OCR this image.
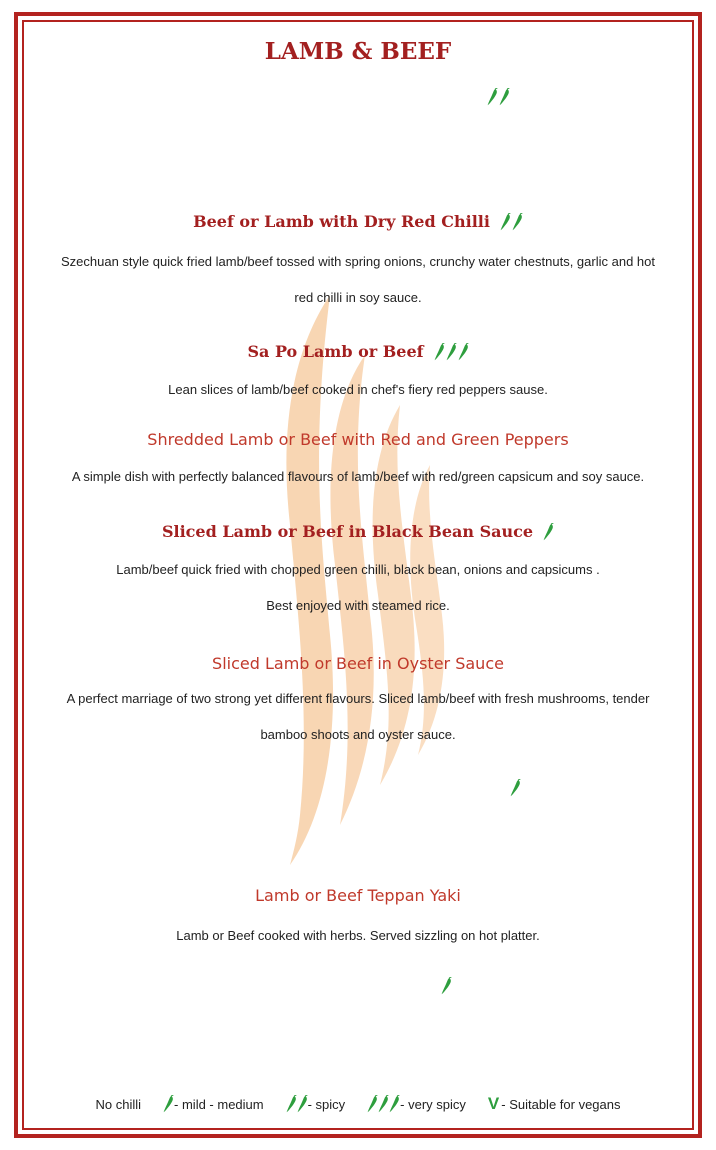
LAMB & BEEF
Beef or Lamb with Dry Red Chilli
Szechuan style quick fried lamb/beef tossed with spring onions, crunchy water chestnuts, garlic and hot red chilli in soy sauce.
Sa Po Lamb or Beef
Lean slices of lamb/beef cooked in chef's fiery red peppers sause.
Shredded Lamb or Beef with Red and Green Peppers
A simple dish with perfectly balanced flavours of lamb/beef with red/green capsicum and soy sauce.
Sliced Lamb or Beef in Black Bean Sauce
Lamb/beef quick fried with chopped green chilli, black bean, onions and capsicums .
Best enjoyed with steamed rice.
Sliced Lamb or Beef in Oyster Sauce
A perfect marriage of two strong yet different flavours. Sliced lamb/beef with fresh mushrooms, tender bamboo shoots and oyster sauce.
Lamb or Beef Teppan Yaki
Lamb or Beef cooked with herbs. Served sizzling on hot platter.
No chilli	- mild - medium	- spicy	- very spicy V - Suitable for vegans
